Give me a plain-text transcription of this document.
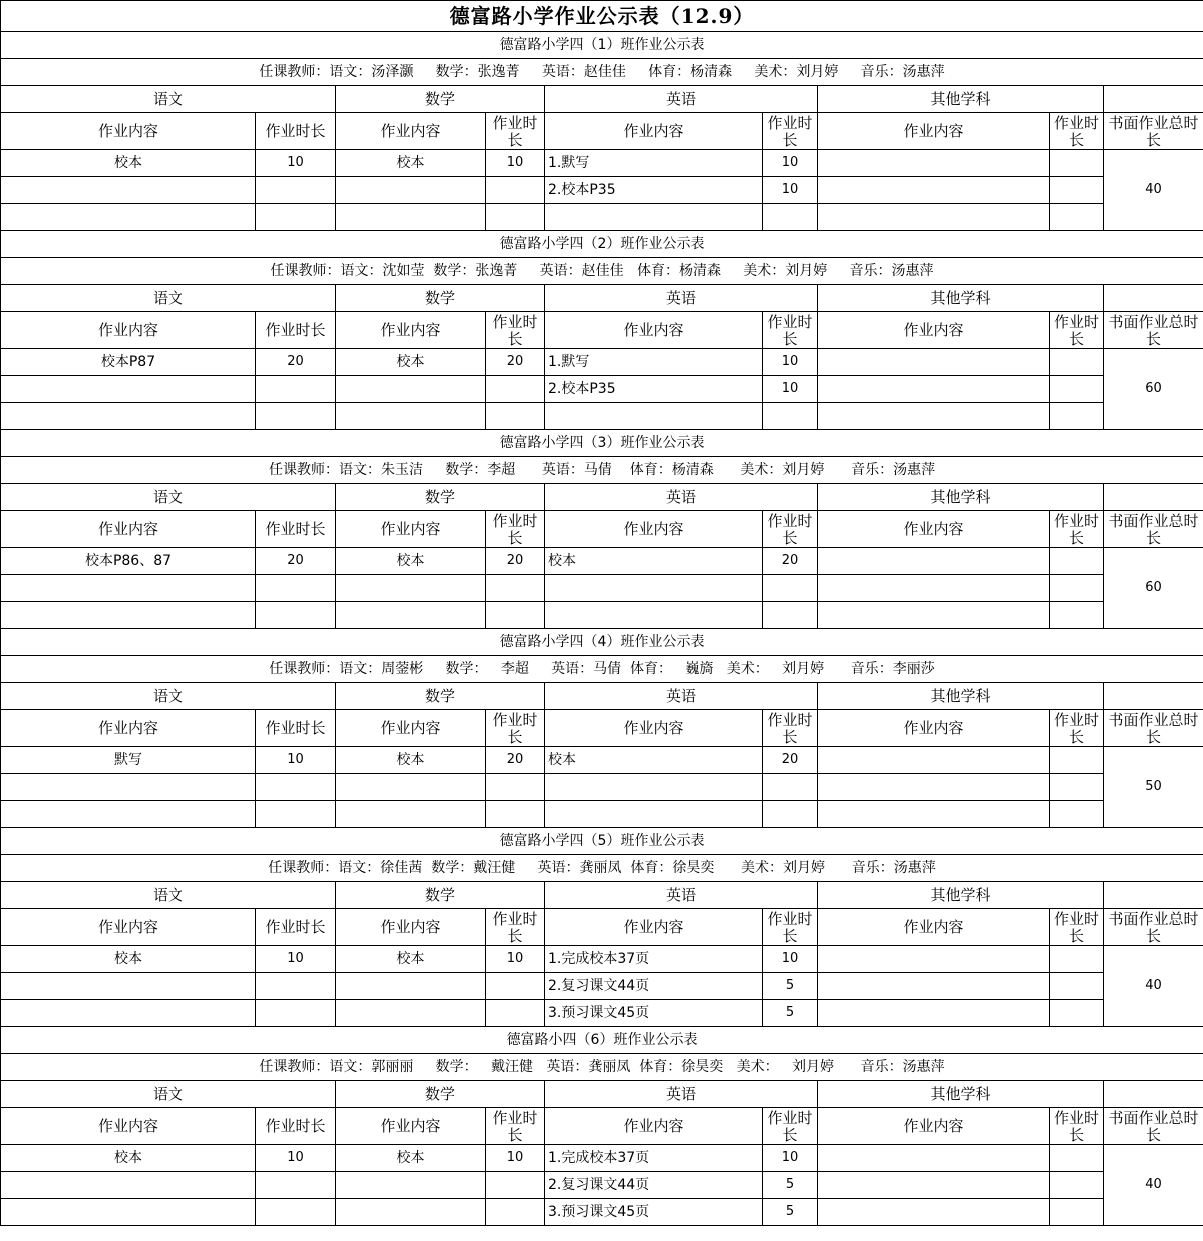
德富路小学作业公示表（12.9）								
德富路小学四（1）班作业公示表								
任课教师：语文：汤泽灏     数学：张逸菁     英语：赵佳佳     体育：杨清森     美术：刘月婷     音乐：汤惠萍								
语文		数学		英语		其他学科		
作业内容	作业时长	作业内容	作业时长	作业内容	作业时长	作业内容	作业时长	书面作业总时长
校本	10	校本	10	1.默写	10			40
				2.校本P35	10			

德富路小学四（2）班作业公示表								
任课教师：语文：沈如莹  数学：张逸菁     英语：赵佳佳   体育：杨清森     美术：刘月婷     音乐：汤惠萍								
语文		数学		英语		其他学科		
作业内容	作业时长	作业内容	作业时长	作业内容	作业时长	作业内容	作业时长	书面作业总时长
校本P87	20	校本	20	1.默写	10			60
				2.校本P35	10			

德富路小学四（3）班作业公示表								
任课教师：语文：朱玉洁     数学：李超      英语：马倩    体育：杨清森      美术：刘月婷      音乐：汤惠萍								
语文		数学		英语		其他学科		
作业内容	作业时长	作业内容	作业时长	作业内容	作业时长	作业内容	作业时长	书面作业总时长
校本P86、87	20	校本	20	校本	20			60

德富路小学四（4）班作业公示表								
任课教师：语文：周蓥彬     数学：   李超     英语：马倩  体育：   巍旖   美术：   刘月婷      音乐：李丽莎								
语文		数学		英语		其他学科		
作业内容	作业时长	作业内容	作业时长	作业内容	作业时长	作业内容	作业时长	书面作业总时长
默写	10	校本	20	校本	20			50

德富路小学四（5）班作业公示表								
任课教师：语文：徐佳茜  数学：戴汪健     英语：龚丽凤  体育：徐昊奕      美术：刘月婷      音乐：汤惠萍								
语文		数学		英语		其他学科		
作业内容	作业时长	作业内容	作业时长	作业内容	作业时长	作业内容	作业时长	书面作业总时长
校本	10	校本	10	1.完成校本37页	10			40
				2.复习课文44页	5			
				3.预习课文45页	5			
德富路小四（6）班作业公示表								
任课教师：语文：郭丽丽     数学：   戴汪健   英语：龚丽凤  体育：徐昊奕   美术：   刘月婷      音乐：汤惠萍								
语文		数学		英语		其他学科		
作业内容	作业时长	作业内容	作业时长	作业内容	作业时长	作业内容	作业时长	书面作业总时长
校本	10	校本	10	1.完成校本37页	10			40
				2.复习课文44页	5			
				3.预习课文45页	5			
